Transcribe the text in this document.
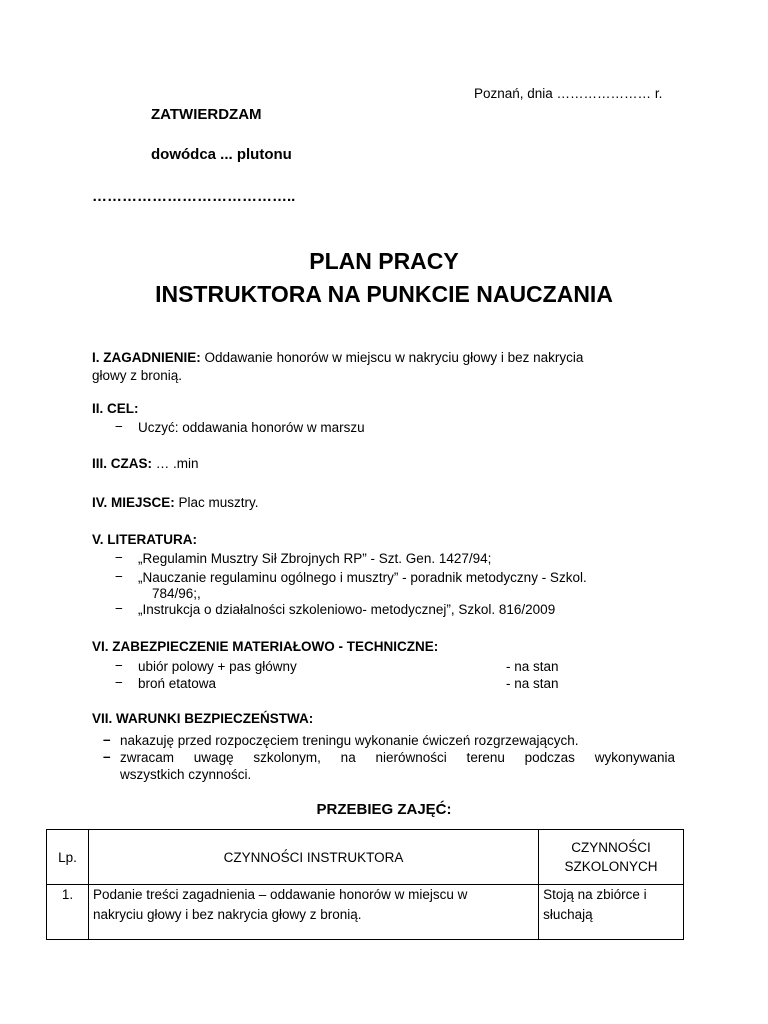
Poznań, dnia ………………… r.
ZATWIERDZAM
dowódca ... plutonu
…………………………………..
PLAN PRACY
INSTRUKTORA NA PUNKCIE NAUCZANIA
I. ZAGADNIENIE: Oddawanie honorów w miejscu w nakryciu głowy i bez nakrycia
głowy z bronią.
II. CEL:
− Uczyć: oddawania honorów w marszu
III. CZAS: … .min
IV. MIEJSCE: Plac musztry.
V. LITERATURA:
− „Regulamin Musztry Sił Zbrojnych RP” - Szt. Gen. 1427/94;
− „Nauczanie regulaminu ogólnego i musztry” - poradnik metodyczny - Szkol.
784/96;,
− „Instrukcja o działalności szkoleniowo- metodycznej”, Szkol. 816/2009
VI. ZABEZPIECZENIE MATERIAŁOWO - TECHNICZNE:
− ubiór polowy + pas główny	- na stan
− broń etatowa	- na stan
VII. WARUNKI BEZPIECZEŃSTWA:
– nakazuję przed rozpoczęciem treningu wykonanie ćwiczeń rozgrzewających.
– zwracam uwagę szkolonym, na nierówności terenu podczas wykonywania
wszystkich czynności.
PRZEBIEG ZAJĘĆ:
Lp.	CZYNNOŚCI INSTRUKTORA	CZYNNOŚCI
SZKOLONYCH
1.	Podanie treści zagadnienia – oddawanie honorów w miejscu w
nakryciu głowy i bez nakrycia głowy z bronią.	Stoją na zbiórce i
słuchają
